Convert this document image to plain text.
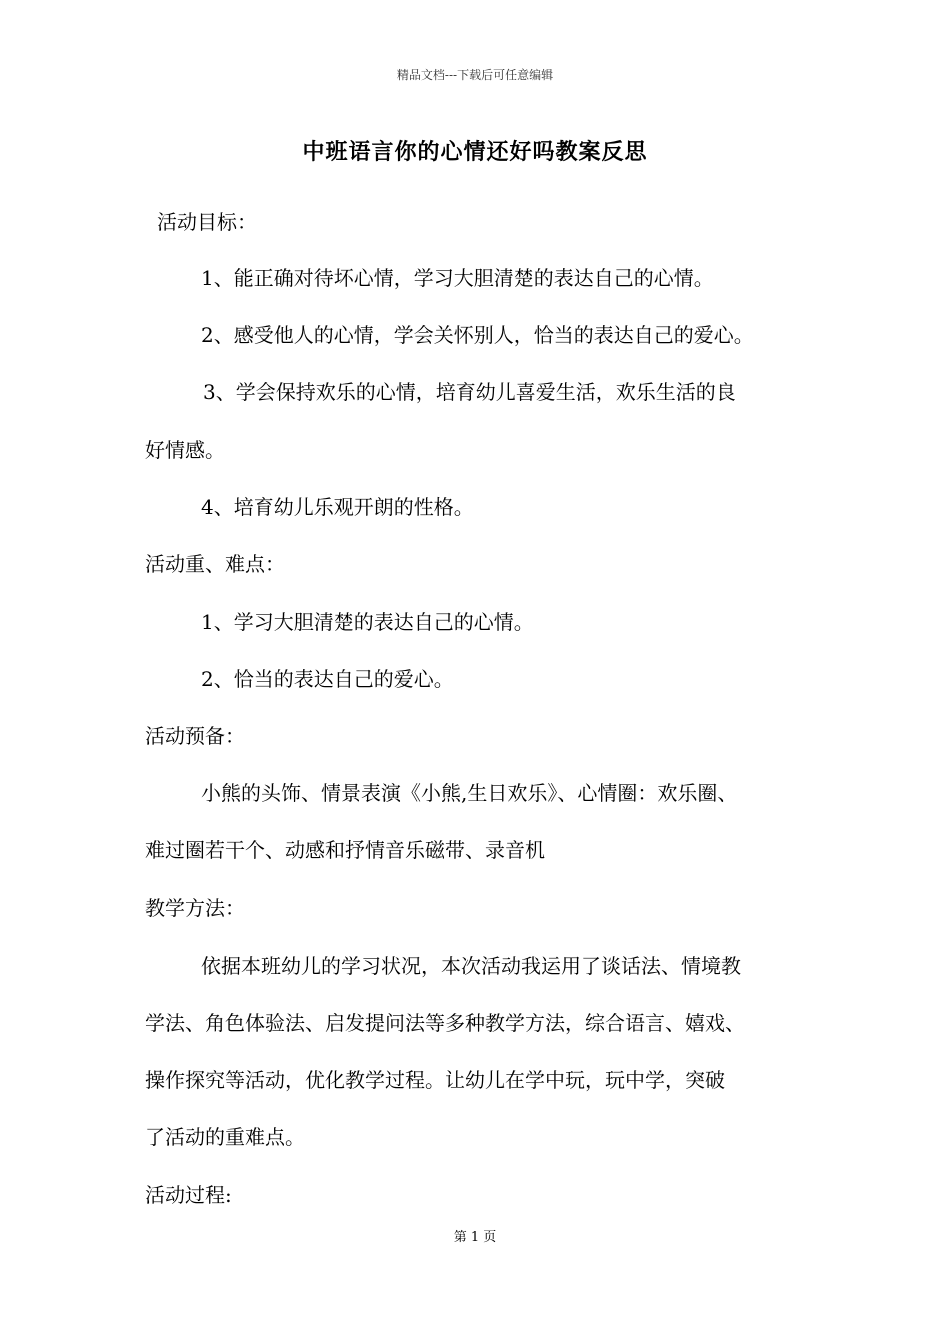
精品文档---下载后可任意编辑
中班语言你的心情还好吗教案反思
活动目标：
1、能正确对待坏心情，学习大胆清楚的表达自己的心情。
2、感受他人的心情，学会关怀别人，恰当的表达自己的爱心。
3、学会保持欢乐的心情，培育幼儿喜爱生活，欢乐生活的良
好情感。
4、培育幼儿乐观开朗的性格。
活动重、难点：
1、学习大胆清楚的表达自己的心情。
2、恰当的表达自己的爱心。
活动预备：
小熊的头饰、情景表演《小熊,生日欢乐》、心情圈：欢乐圈、
难过圈若干个、动感和抒情音乐磁带、录音机
教学方法：
依据本班幼儿的学习状况，本次活动我运用了谈话法、情境教
学法、角色体验法、启发提问法等多种教学方法，综合语言、嬉戏、
操作探究等活动，优化教学过程。让幼儿在学中玩，玩中学，突破
了活动的重难点。
活动过程:
第 1 页
